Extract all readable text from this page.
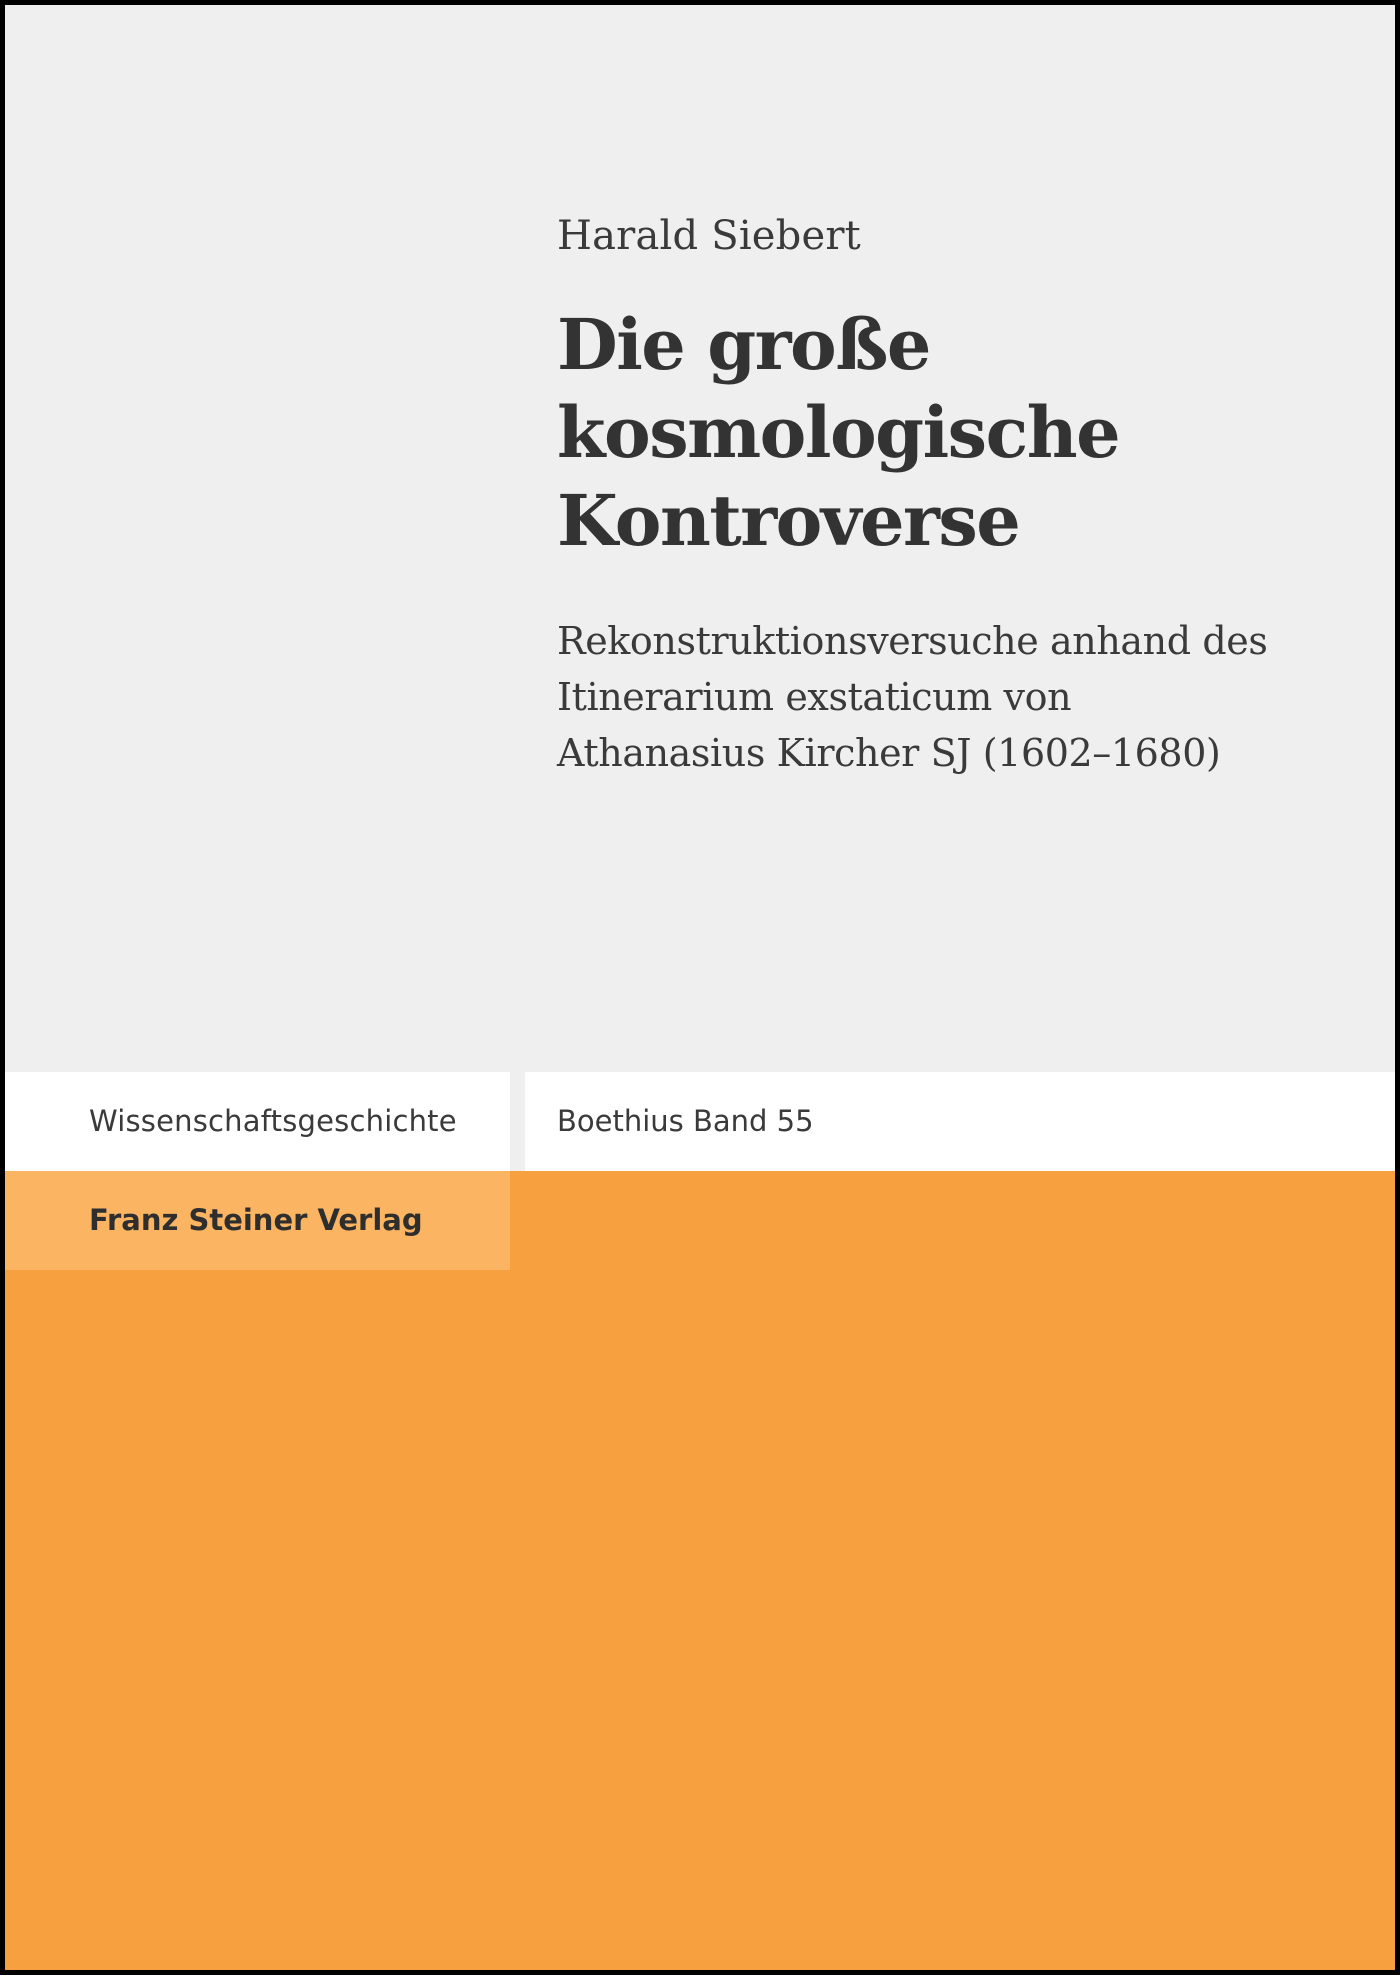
Harald Siebert
Die große
kosmologische
Kontroverse
Rekonstruktionsversuche anhand des
Itinerarium exstaticum von
Athanasius Kircher SJ (1602–1680)
Wissenschaftsgeschichte	Boethius Band 55
Franz Steiner Verlag
